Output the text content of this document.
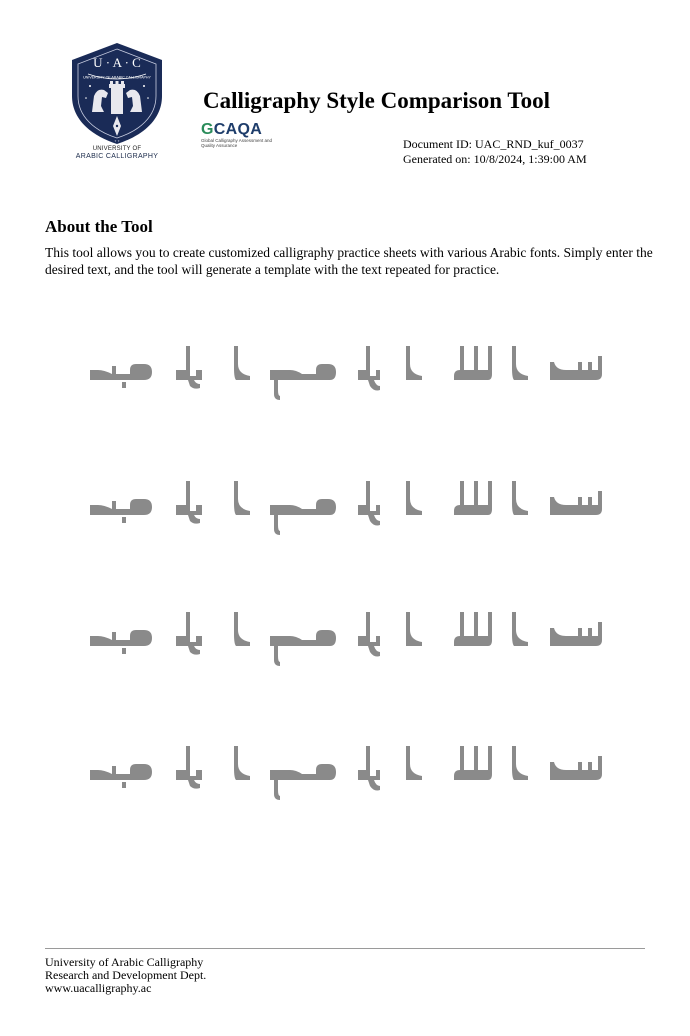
U · A · C
UNIVERSITY OF ARABIC CALLIGRAPHY
✦ ✦
UNIVERSITY OF
ARABIC CALLIGRAPHY
Calligraphy Style Comparison Tool
GCAQA
Global Calligraphy Assessment and Quality Assurance	Document ID: UAC_RND_kuf_0037
Generated on: 10/8/2024, 1:39:00 AM
About the Tool
This tool allows you to create customized calligraphy practice sheets with various Arabic fonts. Simply enter the desired text, and the tool will generate a template with the text repeated for practice.
University of Arabic Calligraphy
Research and Development Dept.
www.uacalligraphy.ac
